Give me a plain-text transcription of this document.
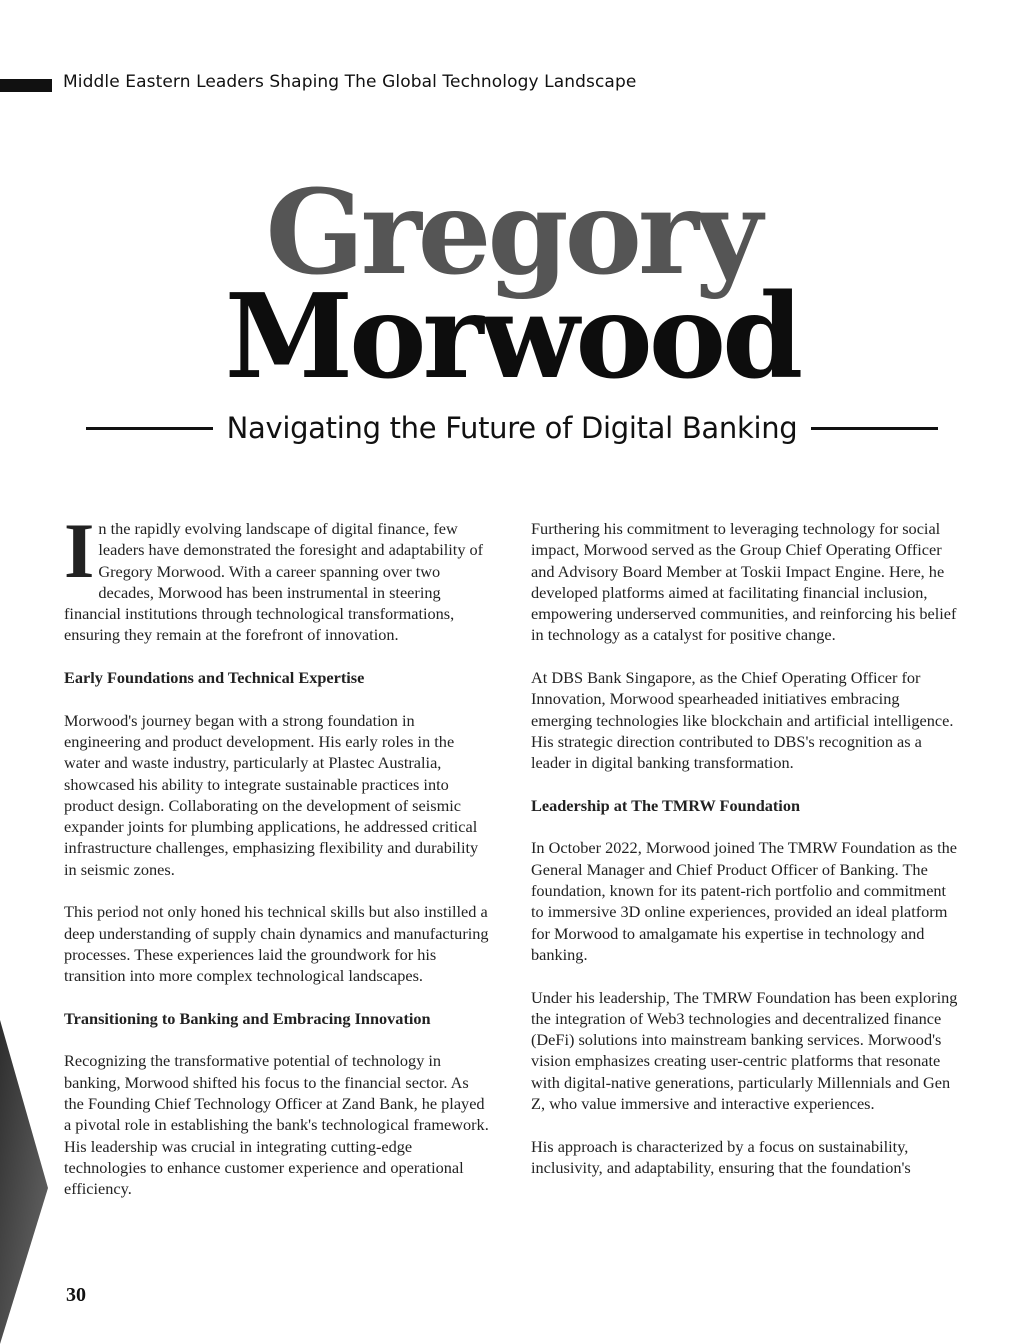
Middle Eastern Leaders Shaping The Global Technology Landscape
Gregory
Morwood
Navigating the Future of Digital Banking

In the rapidly evolving landscape of digital finance, few leaders have demonstrated the foresight and adaptability of Gregory Morwood. With a career spanning over two decades, Morwood has been instrumental in steering financial institutions through technological transformations, ensuring they remain at the forefront of innovation.

Early Foundations and Technical Expertise

Morwood's journey began with a strong foundation in engineering and product development. His early roles in the water and waste industry, particularly at Plastec Australia, showcased his ability to integrate sustainable practices into product design. Collaborating on the development of seismic expander joints for plumbing applications, he addressed critical infrastructure challenges, emphasizing flexibility and durability in seismic zones.

This period not only honed his technical skills but also instilled a deep understanding of supply chain dynamics and manufacturing processes. These experiences laid the groundwork for his transition into more complex technological landscapes.

Transitioning to Banking and Embracing Innovation

Recognizing the transformative potential of technology in banking, Morwood shifted his focus to the financial sector. As the Founding Chief Technology Officer at Zand Bank, he played a pivotal role in establishing the bank's technological framework. His leadership was crucial in integrating cutting-edge technologies to enhance customer experience and operational efficiency.

Furthering his commitment to leveraging technology for social impact, Morwood served as the Group Chief Operating Officer and Advisory Board Member at Toskii Impact Engine. Here, he developed platforms aimed at facilitating financial inclusion, empowering underserved communities, and reinforcing his belief in technology as a catalyst for positive change.

At DBS Bank Singapore, as the Chief Operating Officer for Innovation, Morwood spearheaded initiatives embracing emerging technologies like blockchain and artificial intelligence. His strategic direction contributed to DBS's recognition as a leader in digital banking transformation.

Leadership at The TMRW Foundation

In October 2022, Morwood joined The TMRW Foundation as the General Manager and Chief Product Officer of Banking. The foundation, known for its patent-rich portfolio and commitment to immersive 3D online experiences, provided an ideal platform for Morwood to amalgamate his expertise in technology and banking.

Under his leadership, The TMRW Foundation has been exploring the integration of Web3 technologies and decentralized finance (DeFi) solutions into mainstream banking services. Morwood's vision emphasizes creating user-centric platforms that resonate with digital-native generations, particularly Millennials and Gen Z, who value immersive and interactive experiences.

His approach is characterized by a focus on sustainability, inclusivity, and adaptability, ensuring that the foundation's

30
